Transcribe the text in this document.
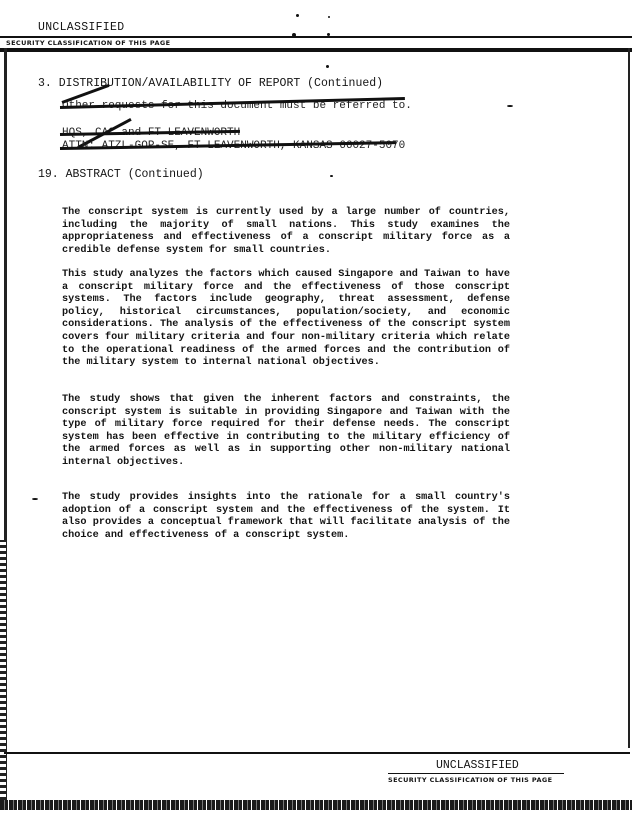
UNCLASSIFIED
SECURITY CLASSIFICATION OF THIS PAGE
3. DISTRIBUTION/AVAILABILITY OF REPORT (Continued)
Other requests for this document must be referred to.
HQS, CAC and FT LEAVENWORTH
ATTN: ATZL-GOP-SE, FT LEAVENWORTH, KANSAS 66027-5070
19. ABSTRACT (Continued)

The conscript system is currently used by a large number of countries, including the majority of small nations. This study examines the appropriateness and effectiveness of a conscript military force as a credible defense system for small countries.

This study analyzes the factors which caused Singapore and Taiwan to have a conscript military force and the effectiveness of those conscript systems. The factors include geography, threat assessment, defense policy, historical circumstances, population/society, and economic considerations. The analysis of the effectiveness of the conscript system covers four military criteria and four non-military criteria which relate to the operational readiness of the armed forces and the contribution of the military system to internal national objectives.

The study shows that given the inherent factors and constraints, the conscript system is suitable in providing Singapore and Taiwan with the type of military force required for their defense needs. The conscript system has been effective in contributing to the military efficiency of the armed forces as well as in supporting other non-military national internal objectives.

The study provides insights into the rationale for a small country's adoption of a conscript system and the effectiveness of the system. It also provides a conceptual framework that will facilitate analysis of the choice and effectiveness of a conscript system.

UNCLASSIFIED
SECURITY CLASSIFICATION OF THIS PAGE
